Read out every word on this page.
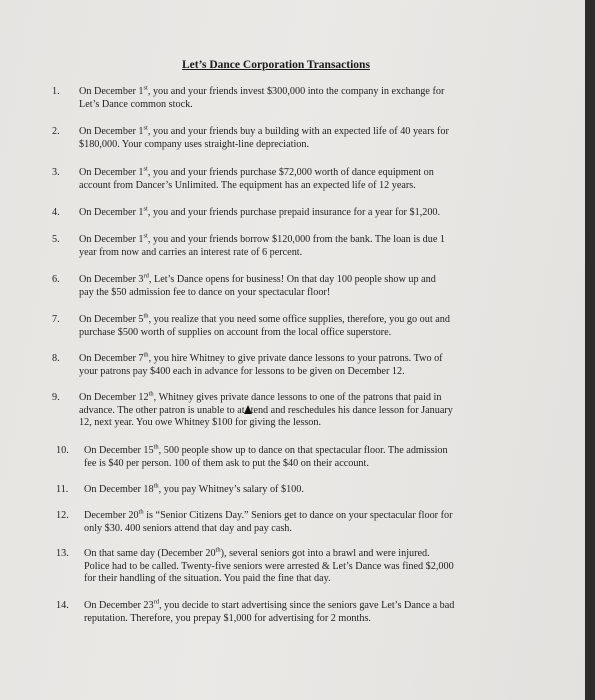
Let’s Dance Corporation Transactions
1.	On December 1st, you and your friends invest $300,000 into the company in exchange for
Let’s Dance common stock.
2.	On December 1st, you and your friends buy a building with an expected life of 40 years for
$180,000. Your company uses straight-line depreciation.
3.	On December 1st, you and your friends purchase $72,000 worth of dance equipment on
account from Dancer’s Unlimited. The equipment has an expected life of 12 years.
4.	On December 1st, you and your friends purchase prepaid insurance for a year for $1,200.
5.	On December 1st, you and your friends borrow $120,000 from the bank. The loan is due 1
year from now and carries an interest rate of 6 percent.
6.	On December 3rd, Let’s Dance opens for business! On that day 100 people show up and
pay the $50 admission fee to dance on your spectacular floor!
7.	On December 5th, you realize that you need some office supplies, therefore, you go out and
purchase $500 worth of supplies on account from the local office superstore.
8.	On December 7th, you hire Whitney to give private dance lessons to your patrons. Two of
your patrons pay $400 each in advance for lessons to be given on December 12.
9.	On December 12th, Whitney gives private dance lessons to one of the patrons that paid in
advance. The other patron is unable to at tend and reschedules his dance lesson for January
12, next year. You owe Whitney $100 for giving the lesson.
10.	On December 15th, 500 people show up to dance on that spectacular floor. The admission
fee is $40 per person. 100 of them ask to put the $40 on their account.
11.	On December 18th, you pay Whitney’s salary of $100.
12.	December 20th is “Senior Citizens Day.” Seniors get to dance on your spectacular floor for
only $30. 400 seniors attend that day and pay cash.
13.	On that same day (December 20th), several seniors got into a brawl and were injured.
Police had to be called. Twenty-five seniors were arrested & Let’s Dance was fined $2,000
for their handling of the situation. You paid the fine that day.
14.	On December 23rd, you decide to start advertising since the seniors gave Let’s Dance a bad
reputation. Therefore, you prepay $1,000 for advertising for 2 months.
